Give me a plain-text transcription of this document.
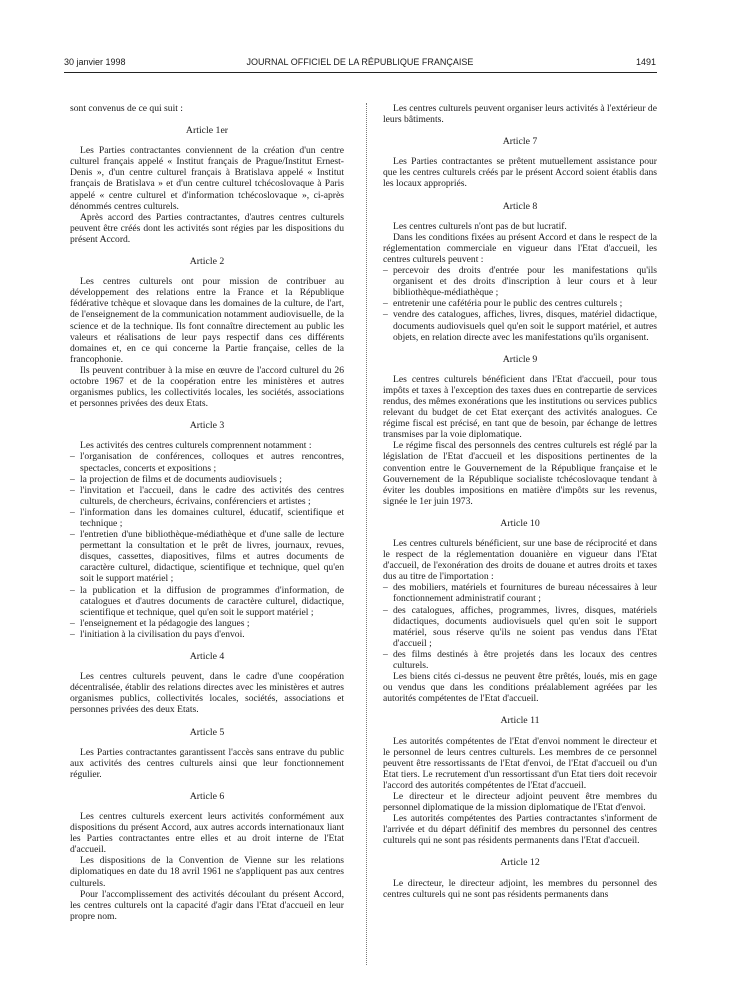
30 janvier 1998	JOURNAL OFFICIEL DE LA RÉPUBLIQUE FRANÇAISE	1491

sont convenus de ce qui suit :

Article 1er

Les Parties contractantes conviennent de la création d'un centre culturel français appelé « Institut français de Prague/Institut Ernest-Denis », d'un centre culturel français à Bratislava appelé « Institut français de Bratislava » et d'un centre culturel tchécoslovaque à Paris appelé « centre culturel et d'information tchécoslovaque », ci-après dénommés centres culturels.

Après accord des Parties contractantes, d'autres centres culturels peuvent être créés dont les activités sont régies par les dispositions du présent Accord.

Article 2

Les centres culturels ont pour mission de contribuer au développement des relations entre la France et la République fédérative tchèque et slovaque dans les domaines de la culture, de l'art, de l'enseignement de la communication notamment audiovisuelle, de la science et de la technique. Ils font connaître directement au public les valeurs et réalisations de leur pays respectif dans ces différents domaines et, en ce qui concerne la Partie française, celles de la francophonie.

Ils peuvent contribuer à la mise en œuvre de l'accord culturel du 26 octobre 1967 et de la coopération entre les ministères et autres organismes publics, les collectivités locales, les sociétés, associations et personnes privées des deux Etats.

Article 3

Les activités des centres culturels comprennent notamment :

– l'organisation de conférences, colloques et autres rencontres, spectacles, concerts et expositions ;
– la projection de films et de documents audiovisuels ;
– l'invitation et l'accueil, dans le cadre des activités des centres culturels, de chercheurs, écrivains, conférenciers et artistes ;
– l'information dans les domaines culturel, éducatif, scientifique et technique ;
– l'entretien d'une bibliothèque-médiathèque et d'une salle de lecture permettant la consultation et le prêt de livres, journaux, revues, disques, cassettes, diapositives, films et autres documents de caractère culturel, didactique, scientifique et technique, quel qu'en soit le support matériel ;
– la publication et la diffusion de programmes d'information, de catalogues et d'autres documents de caractère culturel, didactique, scientifique et technique, quel qu'en soit le support matériel ;
– l'enseignement et la pédagogie des langues ;
– l'initiation à la civilisation du pays d'envoi.
Article 4

Les centres culturels peuvent, dans le cadre d'une coopération décentralisée, établir des relations directes avec les ministères et autres organismes publics, collectivités locales, sociétés, associations et personnes privées des deux Etats.

Article 5

Les Parties contractantes garantissent l'accès sans entrave du public aux activités des centres culturels ainsi que leur fonctionnement régulier.

Article 6

Les centres culturels exercent leurs activités conformément aux dispositions du présent Accord, aux autres accords internationaux liant les Parties contractantes entre elles et au droit interne de l'Etat d'accueil.

Les dispositions de la Convention de Vienne sur les relations diplomatiques en date du 18 avril 1961 ne s'appliquent pas aux centres culturels.

Pour l'accomplissement des activités découlant du présent Accord, les centres culturels ont la capacité d'agir dans l'Etat d'accueil en leur propre nom.

Les centres culturels peuvent organiser leurs activités à l'extérieur de leurs bâtiments.

Article 7

Les Parties contractantes se prêtent mutuellement assistance pour que les centres culturels créés par le présent Accord soient établis dans les locaux appropriés.

Article 8

Les centres culturels n'ont pas de but lucratif.

Dans les conditions fixées au présent Accord et dans le respect de la réglementation commerciale en vigueur dans l'Etat d'accueil, les centres culturels peuvent :

– percevoir des droits d'entrée pour les manifestations qu'ils organisent et des droits d'inscription à leur cours et à leur bibliothèque-médiathèque ;
– entretenir une cafétéria pour le public des centres culturels ;
– vendre des catalogues, affiches, livres, disques, matériel didactique, documents audiovisuels quel qu'en soit le support matériel, et autres objets, en relation directe avec les manifestations qu'ils organisent.
Article 9

Les centres culturels bénéficient dans l'Etat d'accueil, pour tous impôts et taxes à l'exception des taxes dues en contrepartie de services rendus, des mêmes exonérations que les institutions ou services publics relevant du budget de cet Etat exerçant des activités analogues. Ce régime fiscal est précisé, en tant que de besoin, par échange de lettres transmises par la voie diplomatique.

Le régime fiscal des personnels des centres culturels est réglé par la législation de l'Etat d'accueil et les dispositions pertinentes de la convention entre le Gouvernement de la République française et le Gouvernement de la République socialiste tchécoslovaque tendant à éviter les doubles impositions en matière d'impôts sur les revenus, signée le 1er juin 1973.

Article 10

Les centres culturels bénéficient, sur une base de réciprocité et dans le respect de la réglementation douanière en vigueur dans l'Etat d'accueil, de l'exonération des droits de douane et autres droits et taxes dus au titre de l'importation :

– des mobiliers, matériels et fournitures de bureau nécessaires à leur fonctionnement administratif courant ;
– des catalogues, affiches, programmes, livres, disques, matériels didactiques, documents audiovisuels quel qu'en soit le support matériel, sous réserve qu'ils ne soient pas vendus dans l'Etat d'accueil ;
– des films destinés à être projetés dans les locaux des centres culturels.

Les biens cités ci-dessus ne peuvent être prêtés, loués, mis en gage ou vendus que dans les conditions préalablement agréées par les autorités compétentes de l'Etat d'accueil.

Article 11

Les autorités compétentes de l'Etat d'envoi nomment le directeur et le personnel de leurs centres culturels. Les membres de ce personnel peuvent être ressortissants de l'Etat d'envoi, de l'Etat d'accueil ou d'un Etat tiers. Le recrutement d'un ressortissant d'un Etat tiers doit recevoir l'accord des autorités compétentes de l'Etat d'accueil.

Le directeur et le directeur adjoint peuvent être membres du personnel diplomatique de la mission diplomatique de l'Etat d'envoi.

Les autorités compétentes des Parties contractantes s'informent de l'arrivée et du départ définitif des membres du personnel des centres culturels qui ne sont pas résidents permanents dans l'Etat d'accueil.

Article 12

Le directeur, le directeur adjoint, les membres du personnel des centres culturels qui ne sont pas résidents permanents dans
